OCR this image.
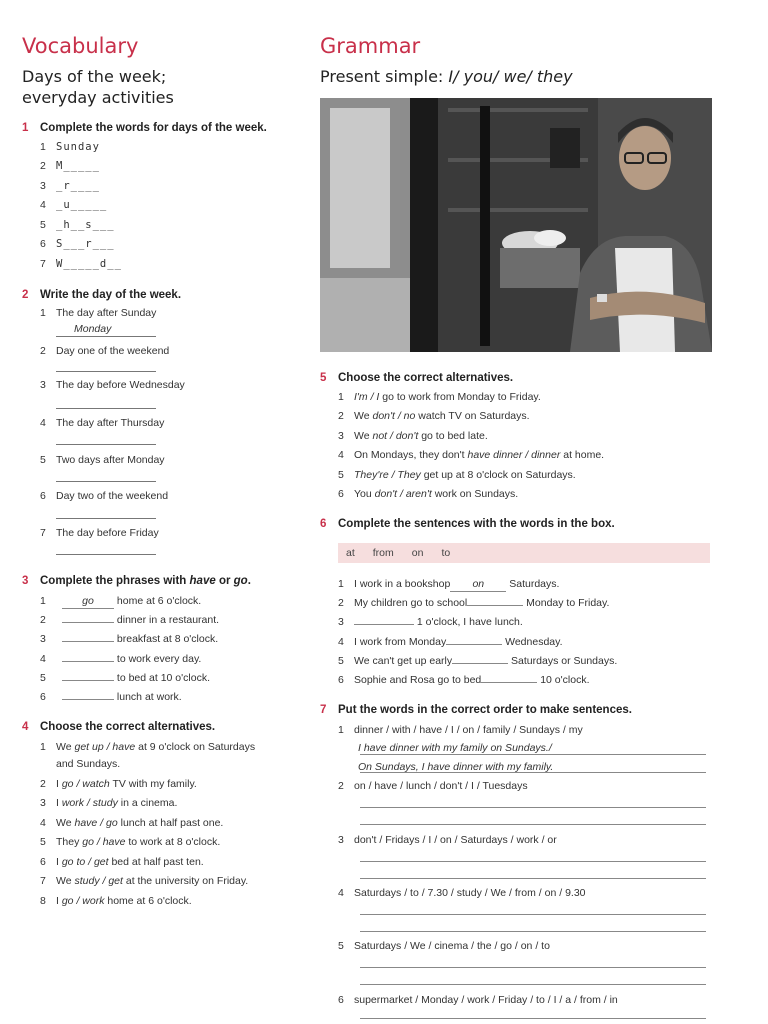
Vocabulary
Days of the week;
everyday activities
1 Complete the words for days of the week.
1 Sunday
2 M_____
3 _r____
4 _u_____
5 _h__s___
6 S___r___
7 W_____d__
2 Write the day of the week.
1 The day after Sunday
Monday
2 Day one of the weekend
3 The day before Wednesday
4 The day after Thursday
5 Two days after Monday
6 Day two of the weekend
7 The day before Friday
3 Complete the phrases with have or go.
1	go home at 6 o'clock.
2	dinner in a restaurant.
3	breakfast at 8 o'clock.
4	to work every day.
5	to bed at 10 o'clock.
6	lunch at work.
4 Choose the correct alternatives.
1 We get up / have at 9 o'clock on Saturdays
and Sundays.
2 I go / watch TV with my family.
3 I work / study in a cinema.
4 We have / go lunch at half past one.
5 They go / have to work at 8 o'clock.
6 I go to / get bed at half past ten.
7 We study / get at the university on Friday.
8 I go / work home at 6 o'clock.
Grammar
Present simple: I/ you/ we/ they
5 Choose the correct alternatives.
1 I'm / I go to work from Monday to Friday.
2 We don't / no watch TV on Saturdays.
3 We not / don't go to bed late.
4 On Mondays, they don't have dinner / dinner at home.
5 They're / They get up at 8 o'clock on Saturdays.
6 You don't / aren't work on Sundays.
6 Complete the sentences with the words in the box.
at from on to
1 I work in a bookshop on Saturdays.
2 My children go to school	Monday to Friday.
3	1 o'clock, I have lunch.
4 I work from Monday	Wednesday.
5 We can't get up early	Saturdays or Sundays.
6 Sophie and Rosa go to bed	10 o'clock.
7 Put the words in the correct order to make sentences.
1 dinner / with / have / I / on / family / Sundays / my
I have dinner with my family on Sundays./
On Sundays, I have dinner with my family.
2 on / have / lunch / don't / I / Tuesdays
3 don't / Fridays / I / on / Saturdays / work / or
4 Saturdays / to / 7.30 / study / We / from / on / 9.30
5 Saturdays / We / cinema / the / go / on / to
6 supermarket / Monday / work / Friday / to / I / a / from / in
